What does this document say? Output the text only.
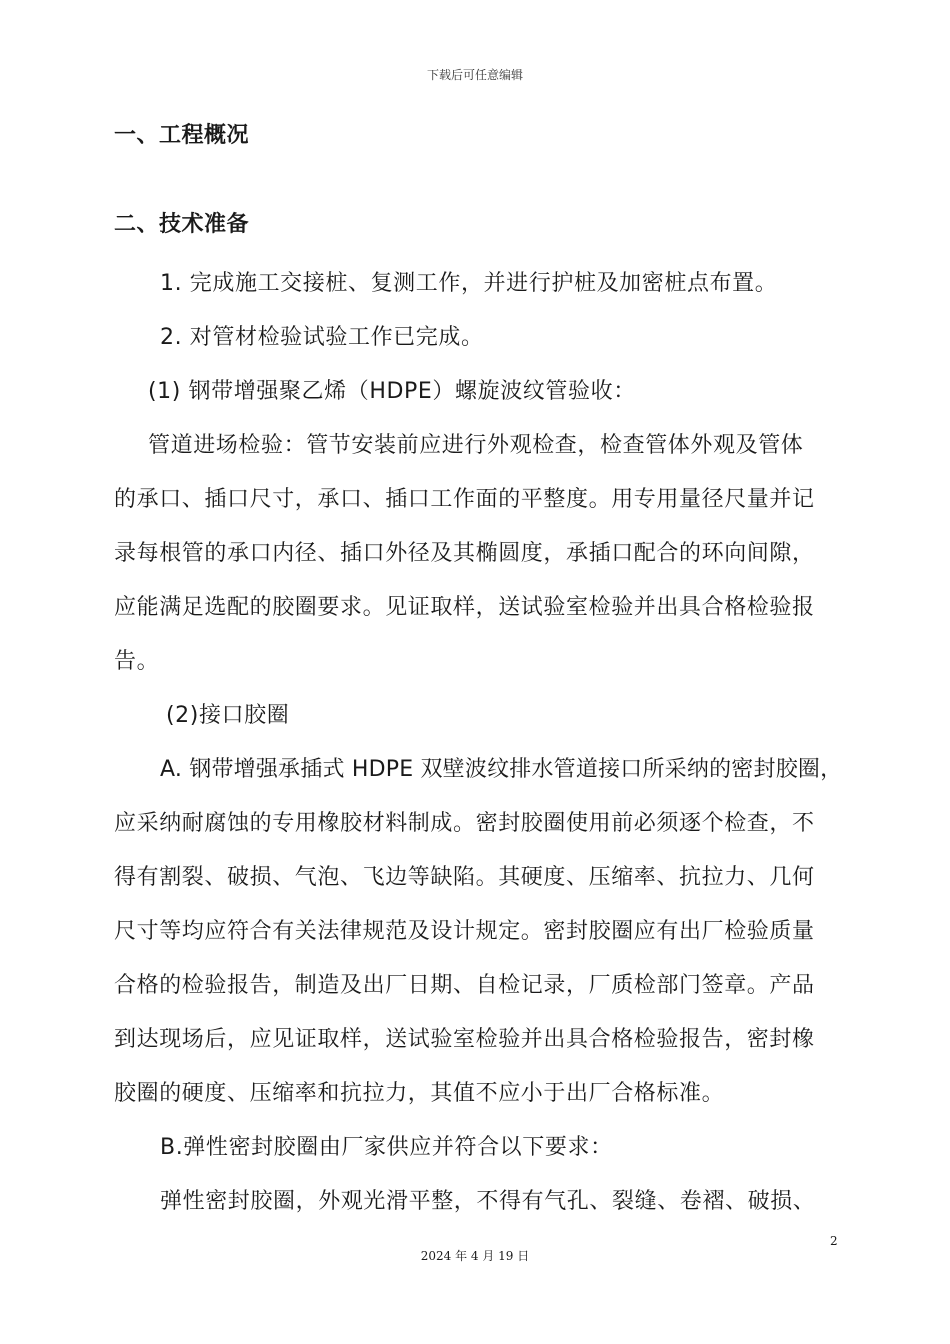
下载后可任意编辑
一、工程概况
二、技术准备
1. 完成施工交接桩、复测工作，并进行护桩及加密桩点布置。
2. 对管材检验试验工作已完成。
(1) 钢带增强聚乙烯（HDPE）螺旋波纹管验收：
管道进场检验：管节安装前应进行外观检查，检查管体外观及管体
的承口、插口尺寸，承口、插口工作面的平整度。用专用量径尺量并记
录每根管的承口内径、插口外径及其椭圆度，承插口配合的环向间隙，
应能满足选配的胶圈要求。见证取样，送试验室检验并出具合格检验报
告。
(2)接口胶圈
A. 钢带增强承插式 HDPE 双壁波纹排水管道接口所采纳的密封胶圈，
应采纳耐腐蚀的专用橡胶材料制成。密封胶圈使用前必须逐个检查，不
得有割裂、破损、气泡、飞边等缺陷。其硬度、压缩率、抗拉力、几何
尺寸等均应符合有关法律规范及设计规定。密封胶圈应有出厂检验质量
合格的检验报告，制造及出厂日期、自检记录，厂质检部门签章。产品
到达现场后，应见证取样，送试验室检验并出具合格检验报告，密封橡
胶圈的硬度、压缩率和抗拉力，其值不应小于出厂合格标准。
B.弹性密封胶圈由厂家供应并符合以下要求：
弹性密封胶圈，外观光滑平整，不得有气孔、裂缝、卷褶、破损、
2
2024 年 4 月 19 日
